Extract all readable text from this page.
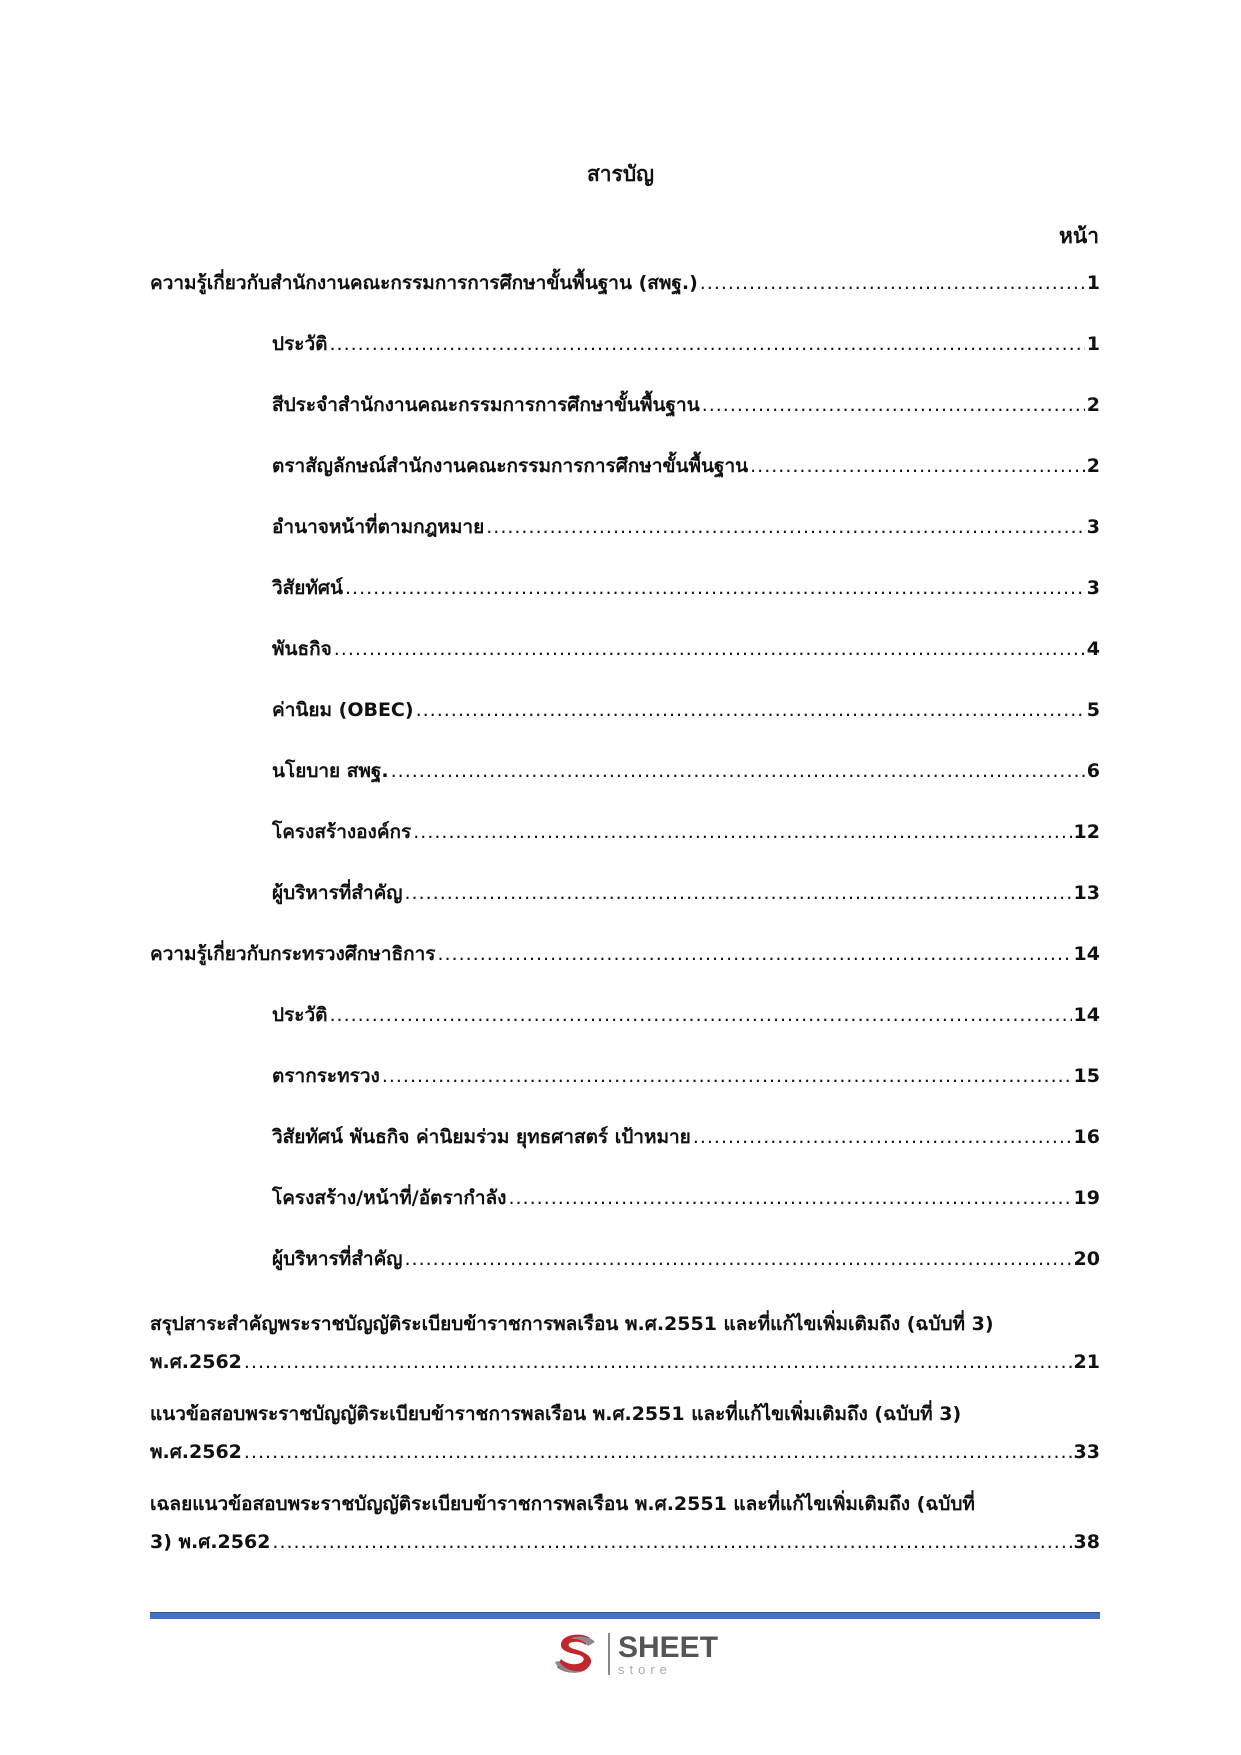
สารบัญ
หน้า
ความรู้เกี่ยวกับสำนักงานคณะกรรมการการศึกษาขั้นพื้นฐาน (สพฐ.) .....	1
ประวัติ .....	1
สีประจำสำนักงานคณะกรรมการการศึกษาขั้นพื้นฐาน .....	2
ตราสัญลักษณ์สำนักงานคณะกรรมการการศึกษาขั้นพื้นฐาน .....	2
อำนาจหน้าที่ตามกฎหมาย .....	3
วิสัยทัศน์ .....	3
พันธกิจ .....	4
ค่านิยม (OBEC) .....	5
นโยบาย สพฐ. .....	6
โครงสร้างองค์กร .....	12
ผู้บริหารที่สำคัญ .....	13
ความรู้เกี่ยวกับกระทรวงศึกษาธิการ .....	14
ประวัติ .....	14
ตรากระทรวง .....	15
วิสัยทัศน์ พันธกิจ ค่านิยมร่วม ยุทธศาสตร์ เป้าหมาย .....	16
โครงสร้าง/หน้าที่/อัตรากำลัง .....	19
ผู้บริหารที่สำคัญ .....	20
สรุปสาระสำคัญพระราชบัญญัติระเบียบข้าราชการพลเรือน พ.ศ.2551 และที่แก้ไขเพิ่มเติมถึง (ฉบับที่ 3)
พ.ศ.2562 .....	21
แนวข้อสอบพระราชบัญญัติระเบียบข้าราชการพลเรือน พ.ศ.2551 และที่แก้ไขเพิ่มเติมถึง (ฉบับที่ 3)
พ.ศ.2562 .....	33
เฉลยแนวข้อสอบพระราชบัญญัติระเบียบข้าราชการพลเรือน พ.ศ.2551 และที่แก้ไขเพิ่มเติมถึง (ฉบับที่
3) พ.ศ.2562 .....	38
SHEET
store
